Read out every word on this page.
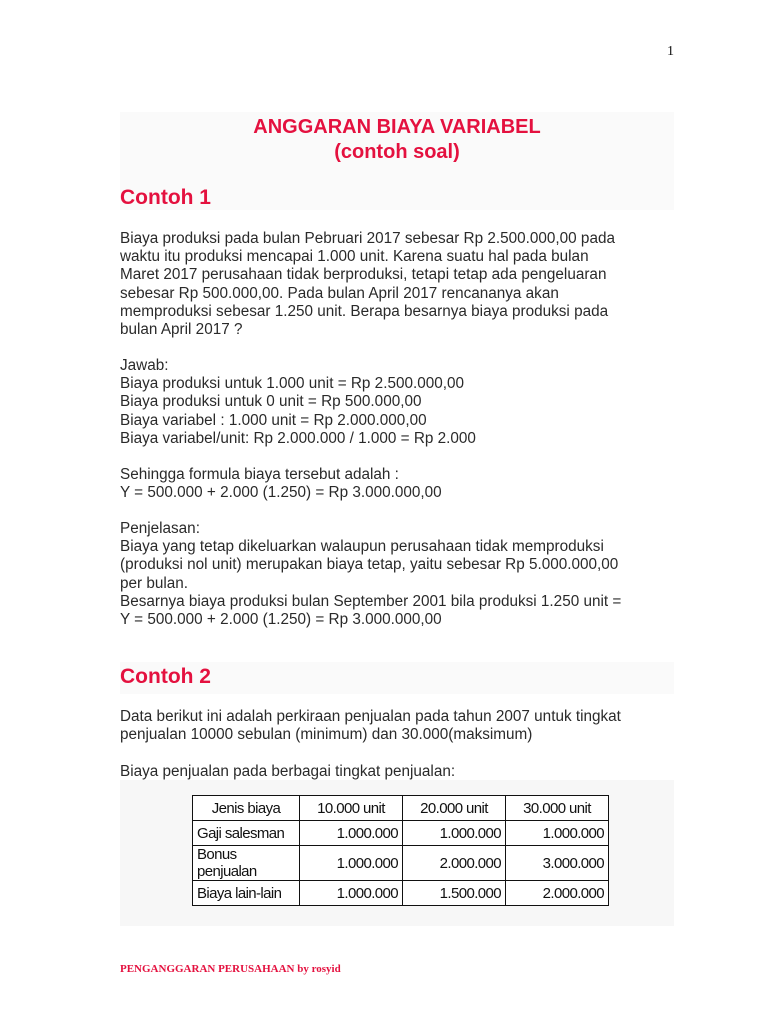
1
ANGGARAN BIAYA VARIABEL
(contoh soal)
Contoh 1
Biaya produksi pada bulan Pebruari 2017 sebesar Rp 2.500.000,00 pada
waktu itu produksi mencapai 1.000 unit. Karena suatu hal pada bulan
Maret 2017 perusahaan tidak berproduksi, tetapi tetap ada pengeluaran
sebesar Rp 500.000,00. Pada bulan April 2017 rencananya akan
memproduksi sebesar 1.250 unit. Berapa besarnya biaya produksi pada
bulan April 2017 ?
Jawab:
Biaya produksi untuk 1.000 unit = Rp 2.500.000,00
Biaya produksi untuk 0 unit = Rp 500.000,00
Biaya variabel : 1.000 unit = Rp 2.000.000,00
Biaya variabel/unit: Rp 2.000.000 / 1.000 = Rp 2.000
Sehingga formula biaya tersebut adalah :
Y = 500.000 + 2.000 (1.250) = Rp 3.000.000,00
Penjelasan:
Biaya yang tetap dikeluarkan walaupun perusahaan tidak memproduksi
(produksi nol unit) merupakan biaya tetap, yaitu sebesar Rp 5.000.000,00
per bulan.
Besarnya biaya produksi bulan September 2001 bila produksi 1.250 unit =
Y = 500.000 + 2.000 (1.250) = Rp 3.000.000,00
Contoh 2
Data berikut ini adalah perkiraan penjualan pada tahun 2007 untuk tingkat
penjualan 10000 sebulan (minimum) dan 30.000(maksimum)
Biaya penjualan pada berbagai tingkat penjualan:
Jenis biaya	10.000 unit	20.000 unit	30.000 unit
Gaji salesman	1.000.000	1.000.000	1.000.000
Bonus penjualan	1.000.000	2.000.000	3.000.000
Biaya lain-lain	1.000.000	1.500.000	2.000.000
PENGANGGARAN PERUSAHAAN by rosyid
